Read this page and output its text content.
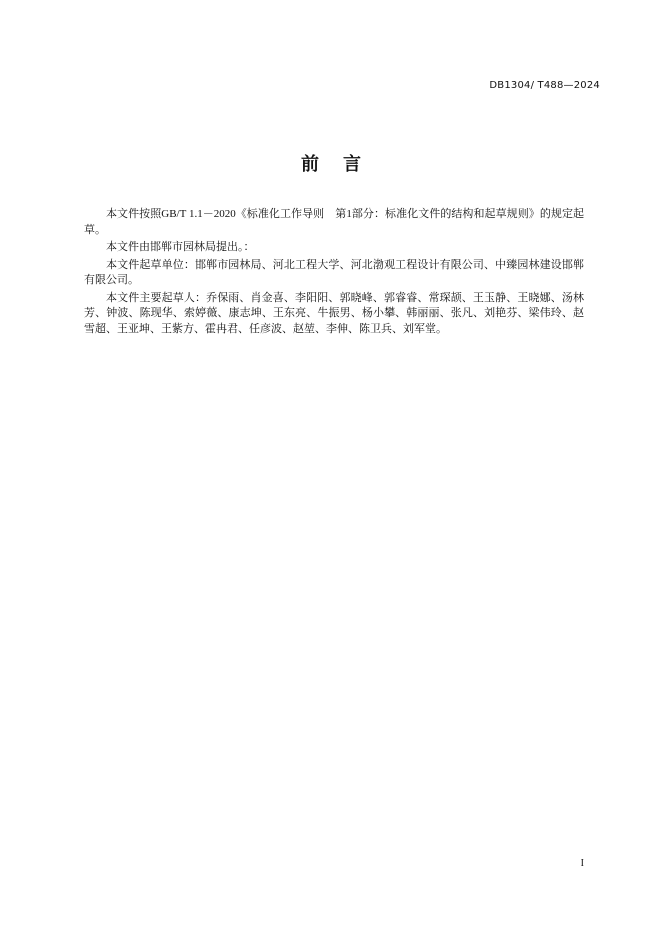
DB1304/ T488—2024
前 言

本文件按照GB/T 1.1－2020《标准化工作导则　第1部分：标准化文件的结构和起草规则》的规定起草。

本文件由邯郸市园林局提出。：

本文件起草单位：邯郸市园林局、河北工程大学、河北渤观工程设计有限公司、中臻园林建设邯郸有限公司。

本文件主要起草人：乔保雨、肖金喜、李阳阳、郭晓峰、郭睿睿、常琛颉、王玉静、王晓娜、汤林芳、钟波、陈现华、索婷薇、康志坤、王东亮、牛振男、杨小攀、韩丽丽、张凡、刘艳芬、梁伟玲、赵雪超、王亚坤、王紫方、霍冉君、任彦波、赵堃、李伸、陈卫兵、刘军堂。

I
